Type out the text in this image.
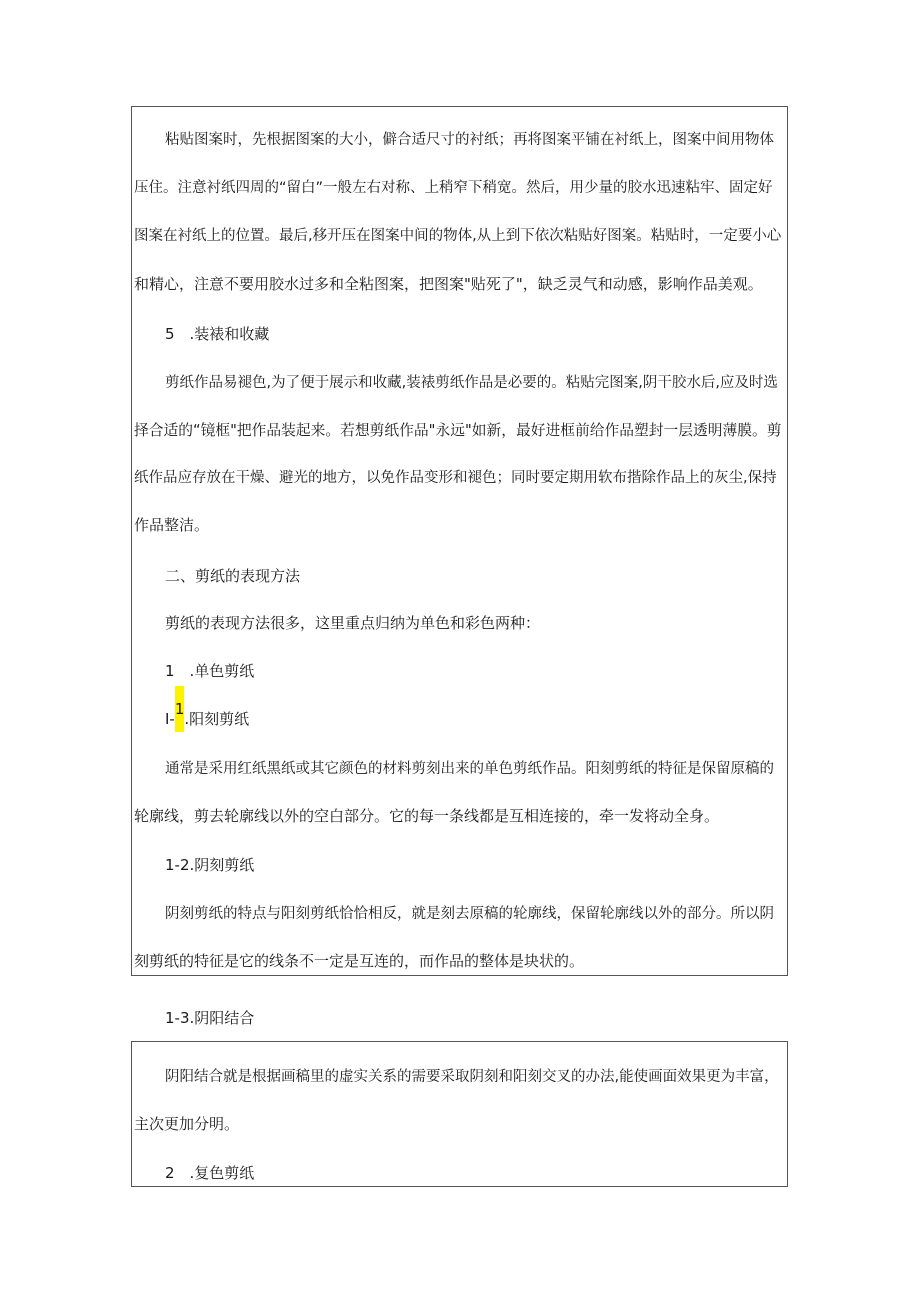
粘贴图案时，先根据图案的大小，僻合适尺寸的衬纸；再将图案平铺在衬纸上，图案中间用物体
压住。注意衬纸四周的“留白”一般左右对称、上稍窄下稍宽。然后，用少量的胶水迅速粘牢、固定好
图案在衬纸上的位置。最后,移开压在图案中间的物体,从上到下依次粘贴好图案。粘贴时，一定要小心
和精心，注意不要用胶水过多和全粘图案，把图案"贴死了"，缺乏灵气和动感，影响作品美观。
5　.装裱和收藏
剪纸作品易褪色,为了便于展示和收藏,装裱剪纸作品是必要的。粘贴完图案,阴干胶水后,应及时选
择合适的“镜框"把作品装起来。若想剪纸作品"永远"如新，最好进框前给作品塑封一层透明薄膜。剪
纸作品应存放在干燥、避光的地方，以免作品变形和褪色；同时要定期用软布揩除作品上的灰尘,保持
作品整洁。
二、剪纸的表现方法
剪纸的表现方法很多，这里重点归纳为单色和彩色两种：
1　.单色剪纸
I-1.阳刻剪纸
通常是采用红纸黑纸或其它颜色的材料剪刻出来的单色剪纸作品。阳刻剪纸的特征是保留原稿的
轮廓线，剪去轮廓线以外的空白部分。它的每一条线都是互相连接的，牵一发将动全身。
1-2.阴刻剪纸
阴刻剪纸的特点与阳刻剪纸恰恰相反，就是刻去原稿的轮廓线，保留轮廓线以外的部分。所以阴
刻剪纸的特征是它的线条不一定是互连的，而作品的整体是块状的。
1-3.阴阳结合
阴阳结合就是根据画稿里的虚实关系的需要采取阴刻和阳刻交叉的办法,能使画面效果更为丰富，
主次更加分明。
2　.复色剪纸
